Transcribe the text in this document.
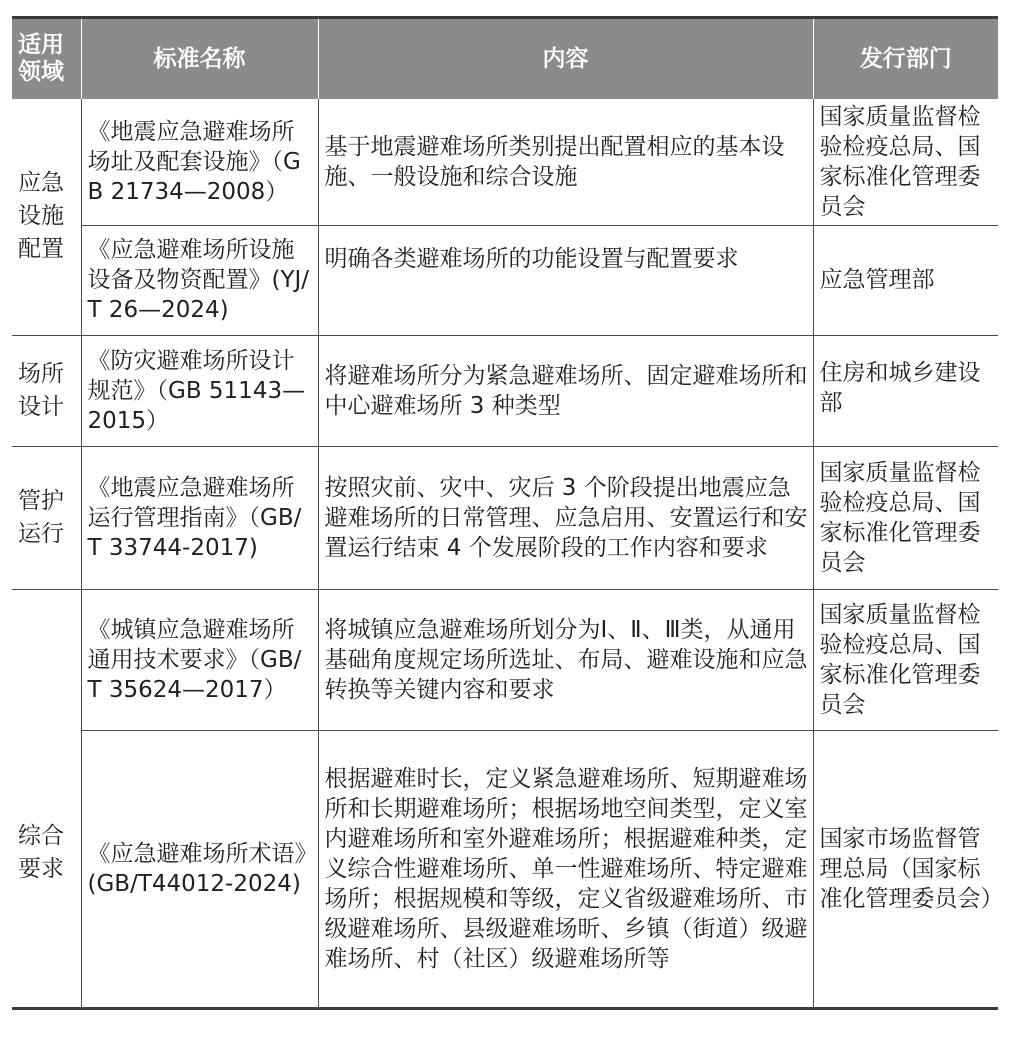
适用
领域	标准名称	内容	发行部门

应急
设施
配置	《地震应急避难场所场址及配套设施》（GB 21734—2008）	基于地震避难场所类别提出配置相应的基本设施、一般设施和综合设施	国家质量监督检验检疫总局、国家标准化管理委员会
	《应急避难场所设施设备及物资配置》(YJ/T 26—2024)	明确各类避难场所的功能设置与配置要求	应急管理部

场所
设计	《防灾避难场所设计规范》（GB 51143—2015）	将避难场所分为紧急避难场所、固定避难场所和中心避难场所 3 种类型	住房和城乡建设部

管护
运行	《地震应急避难场所运行管理指南》（GB/T 33744-2017)	按照灾前、灾中、灾后 3 个阶段提出地震应急避难场所的日常管理、应急启用、安置运行和安置运行结束 4 个发展阶段的工作内容和要求	国家质量监督检验检疫总局、国家标准化管理委员会

综合
要求	《城镇应急避难场所通用技术要求》（GB/T 35624—2017）	将城镇应急避难场所划分为Ⅰ、Ⅱ、Ⅲ类，从通用基础角度规定场所选址、布局、避难设施和应急转换等关键内容和要求	国家质量监督检验检疫总局、国家标准化管理委员会
	《应急避难场所术语》(GB/T44012-2024)	根据避难时长，定义紧急避难场所、短期避难场所和长期避难场所；根据场地空间类型，定义室内避难场所和室外避难场所；根据避难种类，定义综合性避难场所、单一性避难场所、特定避难场所；根据规模和等级，定义省级避难场所、市级避难场所、县级避难场昕、乡镇（街道）级避难场所、村（社区）级避难场所等	国家市场监督管理总局（国家标准化管理委员会）
